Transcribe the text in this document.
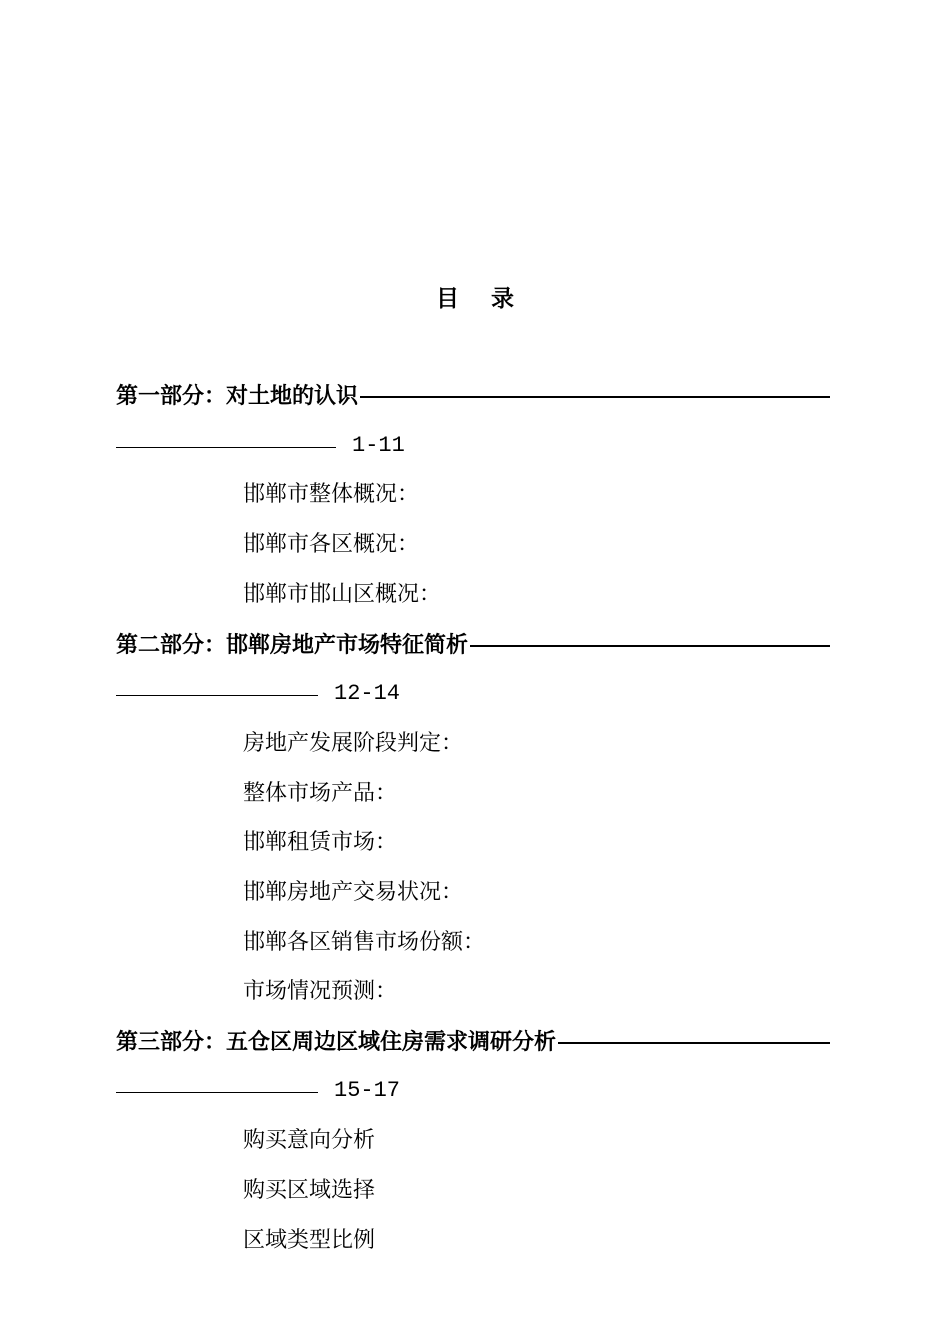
目    录
第一部分：对土地的认识
1-11
邯郸市整体概况：
邯郸市各区概况：
邯郸市邯山区概况：
第二部分：邯郸房地产市场特征简析
12-14
房地产发展阶段判定：
整体市场产品：
邯郸租赁市场：
邯郸房地产交易状况：
邯郸各区销售市场份额：
市场情况预测：
第三部分：五仓区周边区域住房需求调研分析
15-17
购买意向分析
购买区域选择
区域类型比例
